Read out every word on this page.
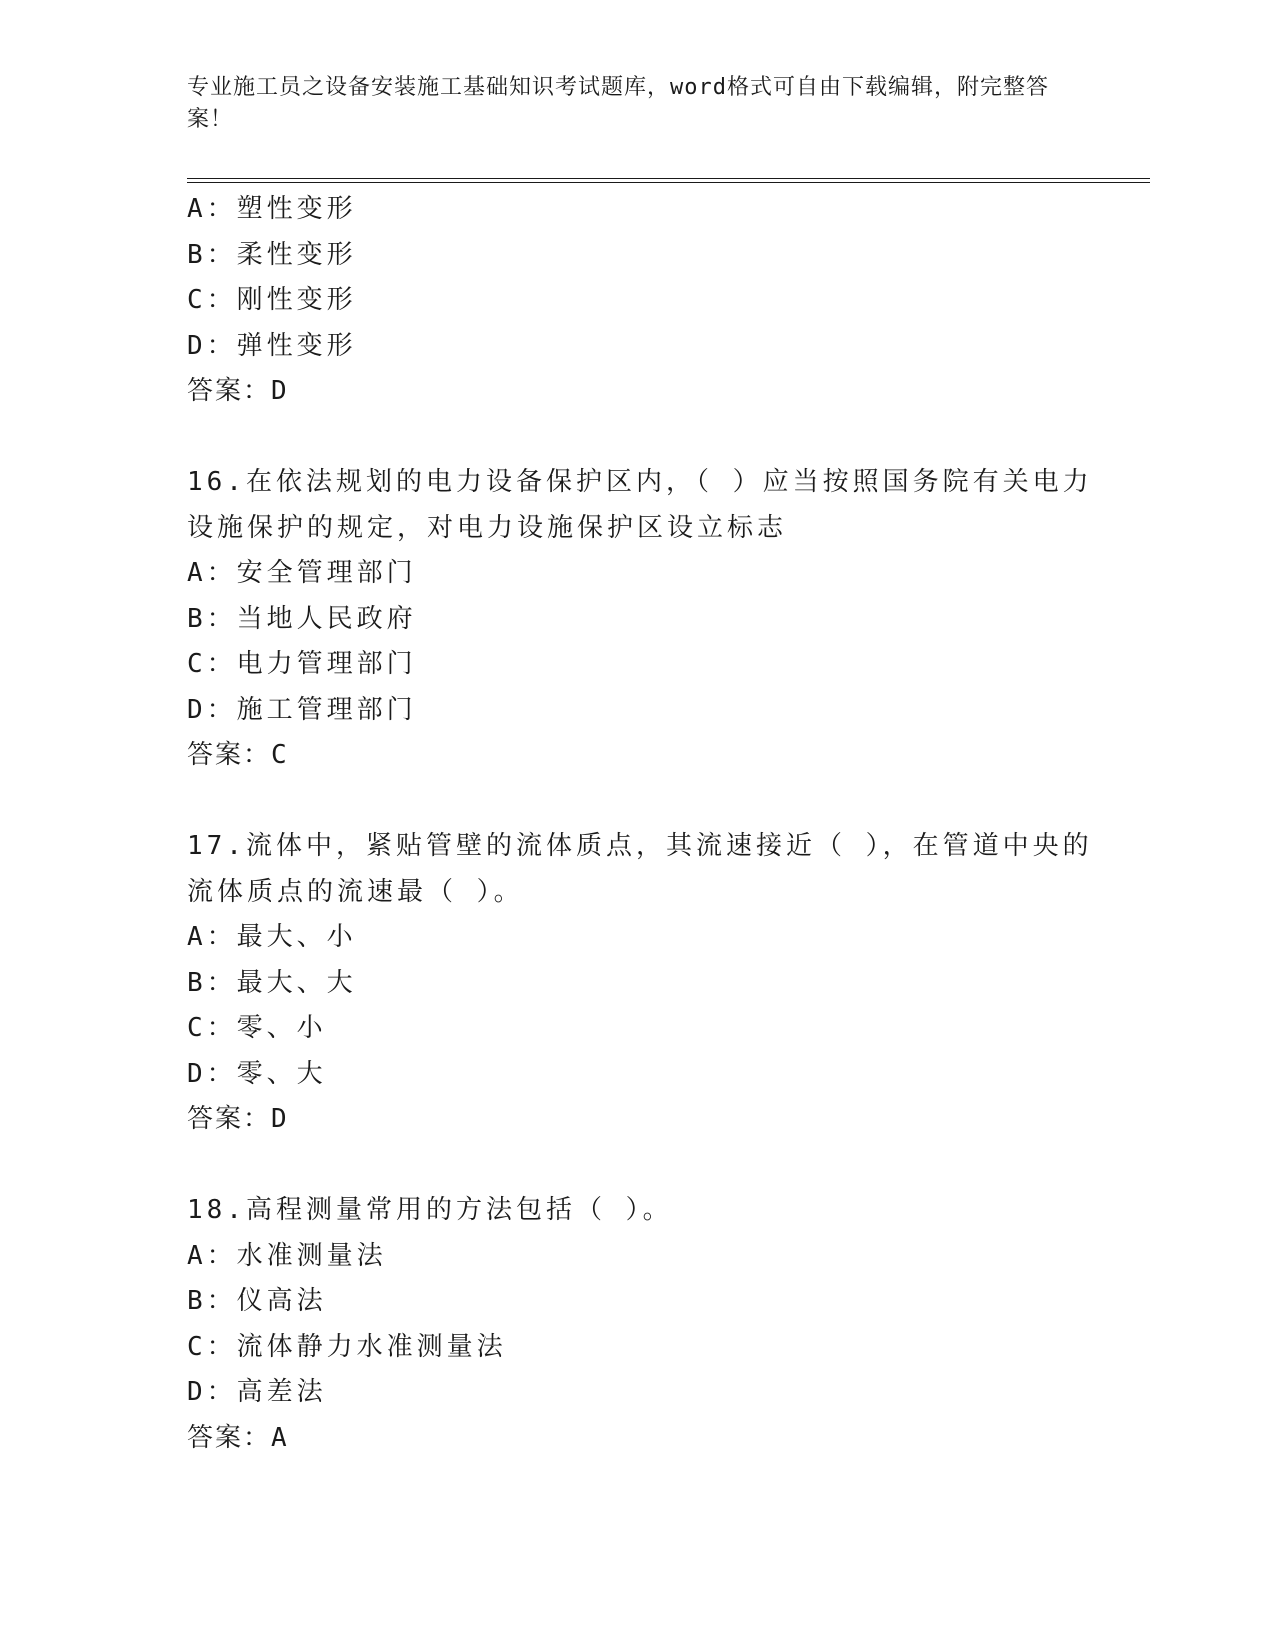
专业施工员之设备安装施工基础知识考试题库，word格式可自由下载编辑，附完整答案！
A：塑性变形
B：柔性变形
C：刚性变形
D：弹性变形
答案：D
16.在依法规划的电力设备保护区内，（ ）应当按照国务院有关电力
设施保护的规定，对电力设施保护区设立标志
A：安全管理部门
B：当地人民政府
C：电力管理部门
D：施工管理部门
答案：C
17.流体中，紧贴管壁的流体质点，其流速接近（ ），在管道中央的
流体质点的流速最（ ）。
A：最大、小
B：最大、大
C：零、小
D：零、大
答案：D
18.高程测量常用的方法包括（ ）。
A：水准测量法
B：仪高法
C：流体静力水准测量法
D：高差法
答案：A
